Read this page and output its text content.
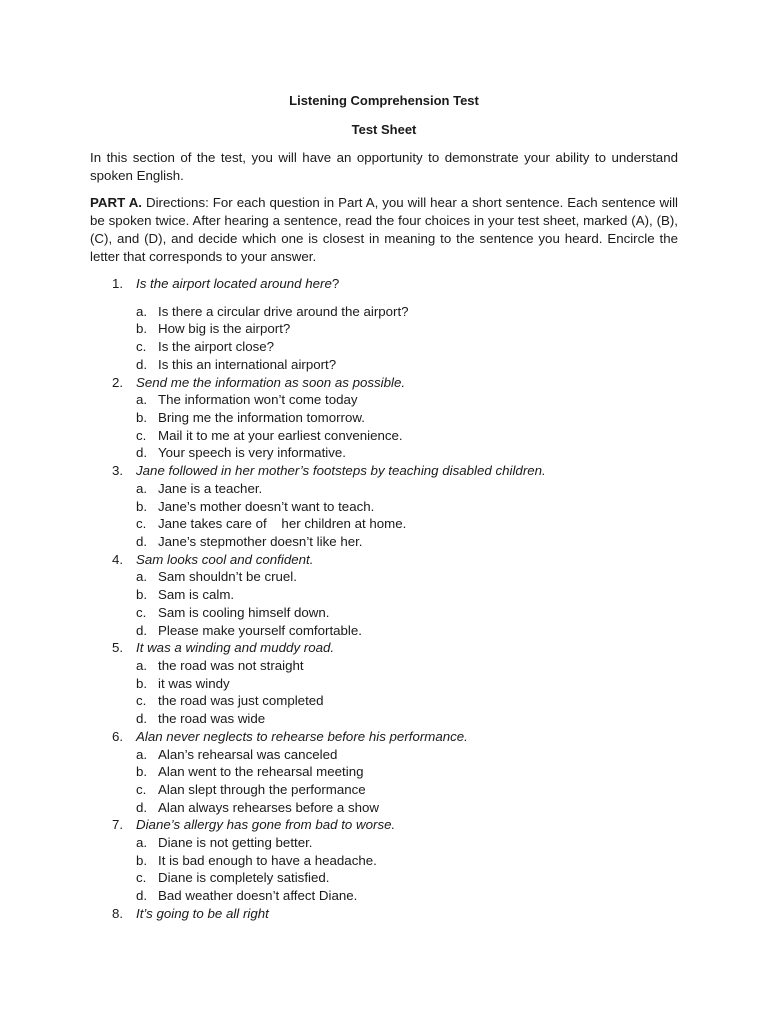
Listening Comprehension Test
Test Sheet

In this section of the test, you will have an opportunity to demonstrate your ability to understand spoken English.

PART A. Directions: For each question in Part A, you will hear a short sentence. Each sentence will be spoken twice. After hearing a sentence, read the four choices in your test sheet, marked (A), (B), (C), and (D), and decide which one is closest in meaning to the sentence you heard. Encircle the letter that corresponds to your answer.

1. Is the airport located around here?
a. Is there a circular drive around the airport?
b. How big is the airport?
c. Is the airport close?
d. Is this an international airport?
2. Send me the information as soon as possible.
a. The information won’t come today
b. Bring me the information tomorrow.
c. Mail it to me at your earliest convenience.
d. Your speech is very informative.
3. Jane followed in her mother’s footsteps by teaching disabled children.
a. Jane is a teacher.
b. Jane’s mother doesn’t want to teach.
c. Jane takes care of    her children at home.
d. Jane’s stepmother doesn’t like her.
4. Sam looks cool and confident.
a. Sam shouldn’t be cruel.
b. Sam is calm.
c. Sam is cooling himself down.
d. Please make yourself comfortable.
5. It was a winding and muddy road.
a. the road was not straight
b. it was windy
c. the road was just completed
d. the road was wide
6. Alan never neglects to rehearse before his performance.
a. Alan’s rehearsal was canceled
b. Alan went to the rehearsal meeting
c. Alan slept through the performance
d. Alan always rehearses before a show
7. Diane’s allergy has gone from bad to worse.
a. Diane is not getting better.
b. It is bad enough to have a headache.
c. Diane is completely satisfied.
d. Bad weather doesn’t affect Diane.
8. It’s going to be all right
